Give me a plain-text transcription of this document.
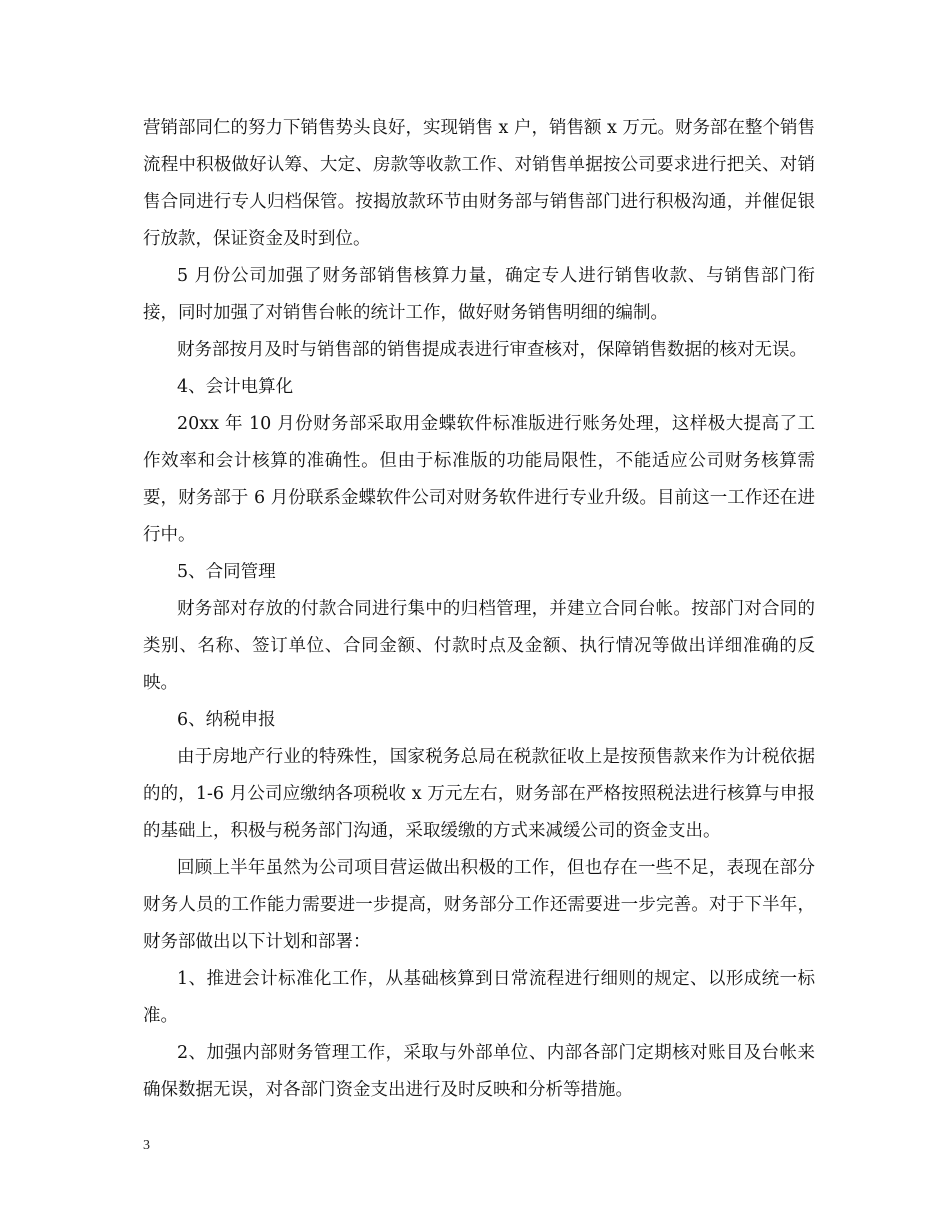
营销部同仁的努力下销售势头良好，实现销售 x 户，销售额 x 万元。财务部在整个销售流程中积极做好认筹、大定、房款等收款工作、对销售单据按公司要求进行把关、对销售合同进行专人归档保管。按揭放款环节由财务部与销售部门进行积极沟通，并催促银行放款，保证资金及时到位。

5 月份公司加强了财务部销售核算力量，确定专人进行销售收款、与销售部门衔接，同时加强了对销售台帐的统计工作，做好财务销售明细的编制。

财务部按月及时与销售部的销售提成表进行审查核对，保障销售数据的核对无误。

4、会计电算化

20xx 年 10 月份财务部采取用金蝶软件标准版进行账务处理，这样极大提高了工作效率和会计核算的准确性。但由于标准版的功能局限性，不能适应公司财务核算需要，财务部于 6 月份联系金蝶软件公司对财务软件进行专业升级。目前这一工作还在进行中。

5、合同管理

财务部对存放的付款合同进行集中的归档管理，并建立合同台帐。按部门对合同的类别、名称、签订单位、合同金额、付款时点及金额、执行情况等做出详细准确的反映。

6、纳税申报

由于房地产行业的特殊性，国家税务总局在税款征收上是按预售款来作为计税依据的的，1-6 月公司应缴纳各项税收 x 万元左右，财务部在严格按照税法进行核算与申报的基础上，积极与税务部门沟通，采取缓缴的方式来减缓公司的资金支出。

回顾上半年虽然为公司项目营运做出积极的工作，但也存在一些不足，表现在部分财务人员的工作能力需要进一步提高，财务部分工作还需要进一步完善。对于下半年，财务部做出以下计划和部署：

1、推进会计标准化工作，从基础核算到日常流程进行细则的规定、以形成统一标准。

2、加强内部财务管理工作，采取与外部单位、内部各部门定期核对账目及台帐来确保数据无误，对各部门资金支出进行及时反映和分析等措施。

3
